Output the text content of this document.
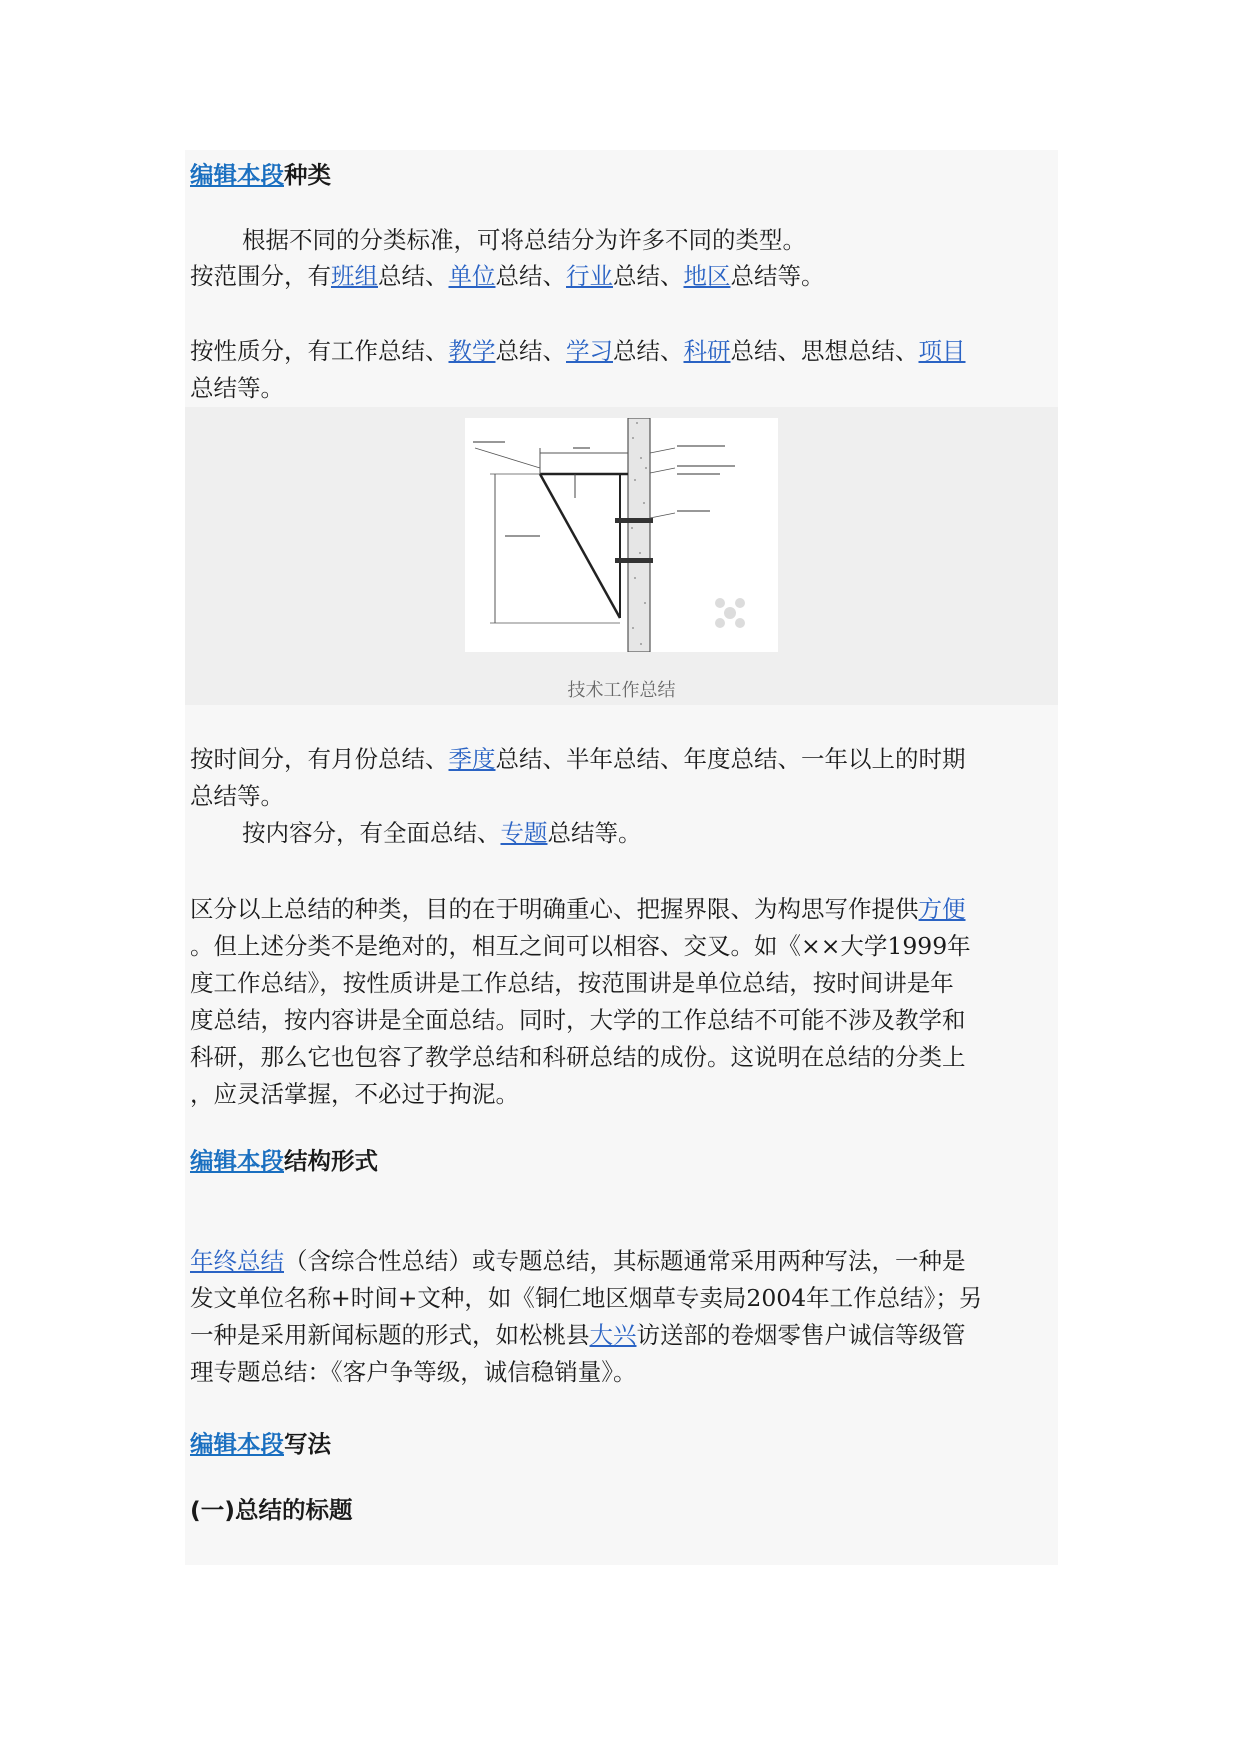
编辑本段种类
根据不同的分类标准，可将总结分为许多不同的类型。
按范围分，有班组总结、单位总结、行业总结、地区总结等。
按性质分，有工作总结、教学总结、学习总结、科研总结、思想总结、项目
总结等。
技术工作总结
按时间分，有月份总结、季度总结、半年总结、年度总结、一年以上的时期
总结等。
按内容分，有全面总结、专题总结等。
区分以上总结的种类，目的在于明确重心、把握界限、为构思写作提供方便
。但上述分类不是绝对的，相互之间可以相容、交叉。如《××大学1999年
度工作总结》，按性质讲是工作总结，按范围讲是单位总结，按时间讲是年
度总结，按内容讲是全面总结。同时，大学的工作总结不可能不涉及教学和
科研，那么它也包容了教学总结和科研总结的成份。这说明在总结的分类上
，应灵活掌握，不必过于拘泥。
编辑本段结构形式
年终总结（含综合性总结）或专题总结，其标题通常采用两种写法，一种是
发文单位名称+时间+文种，如《铜仁地区烟草专卖局2004年工作总结》；另
一种是采用新闻标题的形式，如松桃县大兴访送部的卷烟零售户诚信等级管
理专题总结：《客户争等级，诚信稳销量》。
编辑本段写法
(一)总结的标题
